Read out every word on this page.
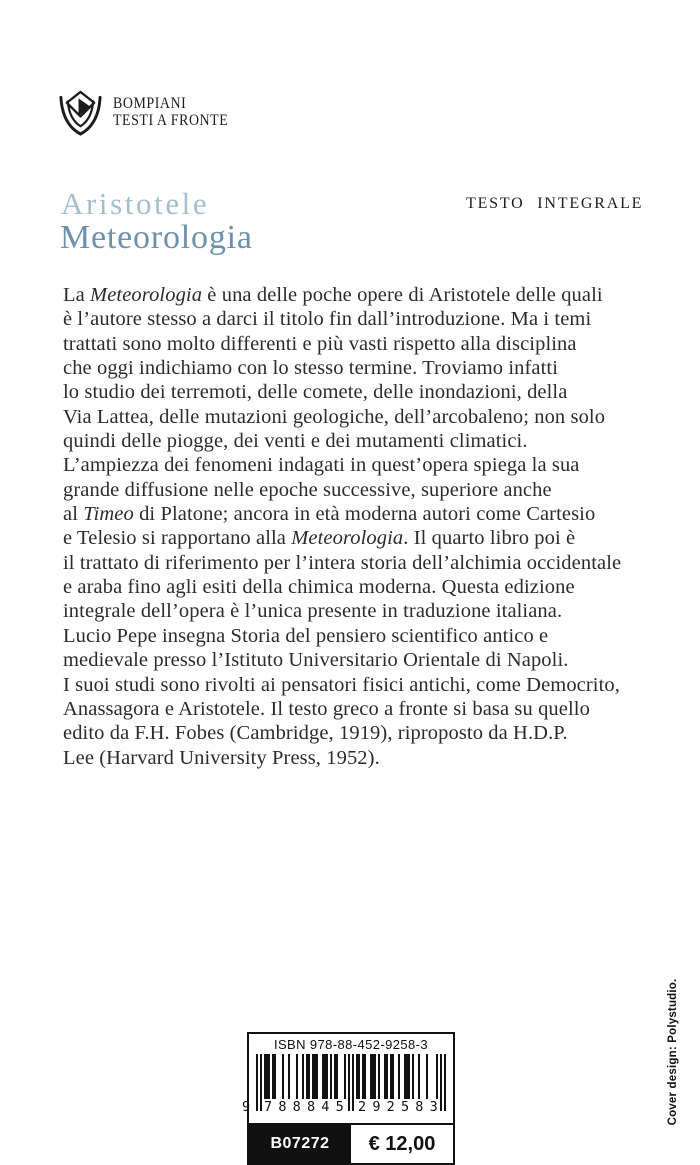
BOMPIANI
TESTI A FRONTE
TESTO INTEGRALE
Aristotele
Meteorologia
La Meteorologia è una delle poche opere di Aristotele delle quali
è l’autore stesso a darci il titolo fin dall’introduzione. Ma i temi
trattati sono molto differenti e più vasti rispetto alla disciplina
che oggi indichiamo con lo stesso termine. Troviamo infatti
lo studio dei terremoti, delle comete, delle inondazioni, della
Via Lattea, delle mutazioni geologiche, dell’arcobaleno; non solo
quindi delle piogge, dei venti e dei mutamenti climatici.
L’ampiezza dei fenomeni indagati in quest’opera spiega la sua
grande diffusione nelle epoche successive, superiore anche
al Timeo di Platone; ancora in età moderna autori come Cartesio
e Telesio si rapportano alla Meteorologia. Il quarto libro poi è
il trattato di riferimento per l’intera storia dell’alchimia occidentale
e araba fino agli esiti della chimica moderna. Questa edizione
integrale dell’opera è l’unica presente in traduzione italiana.
Lucio Pepe insegna Storia del pensiero scientifico antico e
medievale presso l’Istituto Universitario Orientale di Napoli.
I suoi studi sono rivolti ai pensatori fisici antichi, come Democrito,
Anassagora e Aristotele. Il testo greco a fronte si basa su quello
edito da F.H. Fobes (Cambridge, 1919), riproposto da H.D.P.
Lee (Harvard University Press, 1952).
ISBN 978-88-452-9258-3
9 788845 292583
B07272	€ 12,00
Cover design: Polystudio.
